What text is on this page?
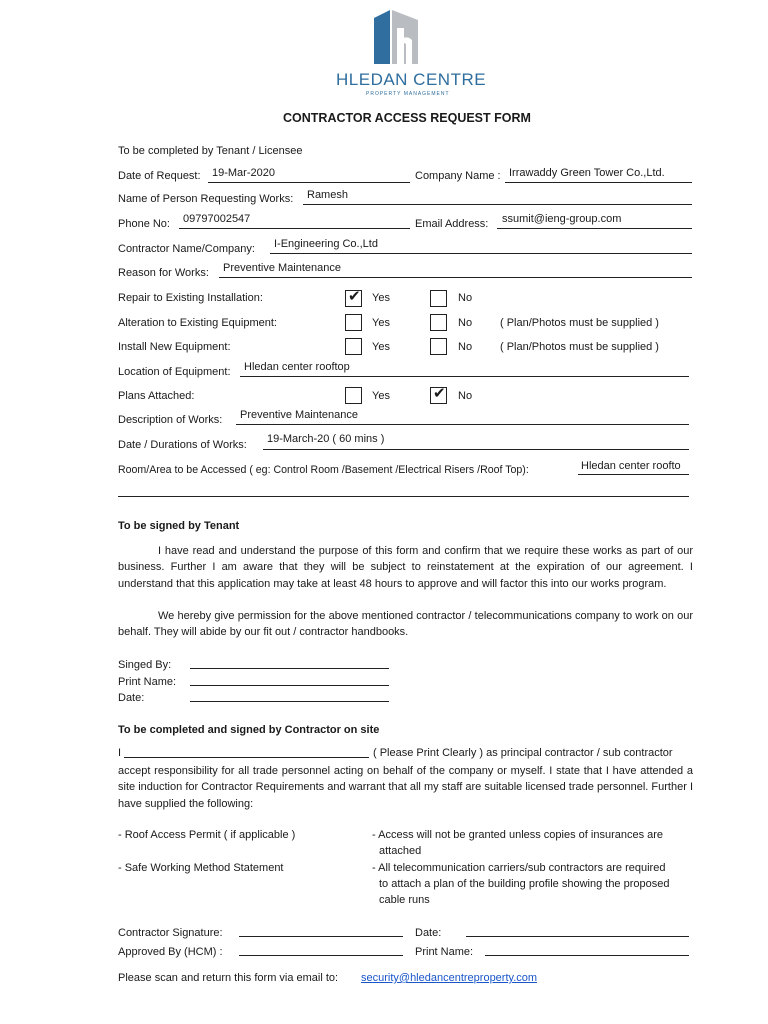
HLEDAN CENTRE
PROPERTY MANAGEMENT
CONTRACTOR ACCESS REQUEST FORM
To be completed by Tenant / Licensee
Date of Request: 19-Mar-2020	Company Name : Irrawaddy Green Tower Co.,Ltd.
Name of Person Requesting Works: Ramesh
Phone No: 09797002547	Email Address: ssumit@ieng-group.com
Contractor Name/Company: I-Engineering Co.,Ltd
Reason for Works: Preventive Maintenance
Repair to Existing Installation:	✔ Yes	No
Alteration to Existing Equipment:	Yes	No	( Plan/Photos must be supplied )
Install New Equipment:	Yes	No	( Plan/Photos must be supplied )
Location of Equipment: Hledan center rooftop
Plans Attached:	Yes	✔ No
Description of Works: Preventive Maintenance
Date / Durations of Works: 19-March-20 ( 60 mins )
Room/Area to be Accessed ( eg: Control Room /Basement /Electrical Risers /Roof Top):	Hledan center roofto
To be signed by Tenant
I have read and understand the purpose of this form and confirm that we require these works as part of our business. Further I am aware that they will be subject to reinstatement at the expiration of our agreement. I understand that this application may take at least 48 hours to approve and will factor this into our works program.
We hereby give permission for the above mentioned contractor / telecommunications company to work on our behalf. They will abide by our fit out / contractor handbooks.
Singed By:
Print Name:
Date:
To be completed and signed by Contractor on site
I	( Please Print Clearly ) as principal contractor / sub contractor
accept responsibility for all trade personnel acting on behalf of the company or myself. I state that I have attended a site induction for Contractor Requirements and warrant that all my staff are suitable licensed trade personnel. Further I have supplied the following:
- Roof Access Permit ( if applicable )
- Safe Working Method Statement
- Access will not be granted unless copies of insurances are
attached
- All telecommunication carriers/sub contractors are required
to attach a plan of the building profile showing the proposed
cable runs
Contractor Signature:	Date:
Approved By (HCM) :	Print Name:
Please scan and return this form via email to: security@hledancentreproperty.com
